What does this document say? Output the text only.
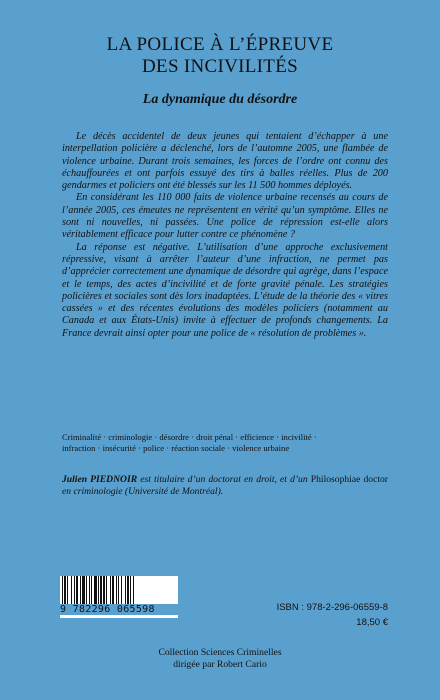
LA POLICE À L’ÉPREUVE
DES INCIVILITÉS
La dynamique du désordre

Le décès accidentel de deux jeunes qui tentaient d’échapper à une interpellation policière a déclenché, lors de l’automne 2005, une flambée de violence urbaine. Durant trois semaines, les forces de l’ordre ont connu des échauffourées et ont parfois essuyé des tirs à balles réelles. Plus de 200 gendarmes et policiers ont été blessés sur les 11 500 hommes déployés.

En considérant les 110 000 faits de violence urbaine recensés au cours de l’année 2005, ces émeutes ne représentent en vérité qu’un symptôme. Elles ne sont ni nouvelles, ni passées. Une police de répression est-elle alors véritablement efficace pour lutter contre ce phénomène ?

La réponse est négative. L’utilisation d’une approche exclusivement répressive, visant à arrêter l’auteur d’une infraction, ne permet pas d’apprécier correctement une dynamique de désordre qui agrège, dans l’espace et le temps, des actes d’incivilité et de forte gravité pénale. Les stratégies policières et sociales sont dès lors inadaptées. L’étude de la théorie des « vitres cassées » et des récentes évolutions des modèles policiers (notamment au Canada et aux États-Unis) invite à effectuer de profonds changements. La France devrait ainsi opter pour une police de « résolution de problèmes ».

Criminalité · criminologie · désordre · droit pénal · efficience · incivilité ·
infraction · insécurité · police · réaction sociale · violence urbaine
Julien PIEDNOIR est titulaire d’un doctorat en droit, et d’un Philosophiae doctor en criminologie (Université de Montréal).
9 782296 065598	ISBN : 978-2-296-06559-8
18,50 €
Collection Sciences Criminelles
dirigée par Robert Cario
